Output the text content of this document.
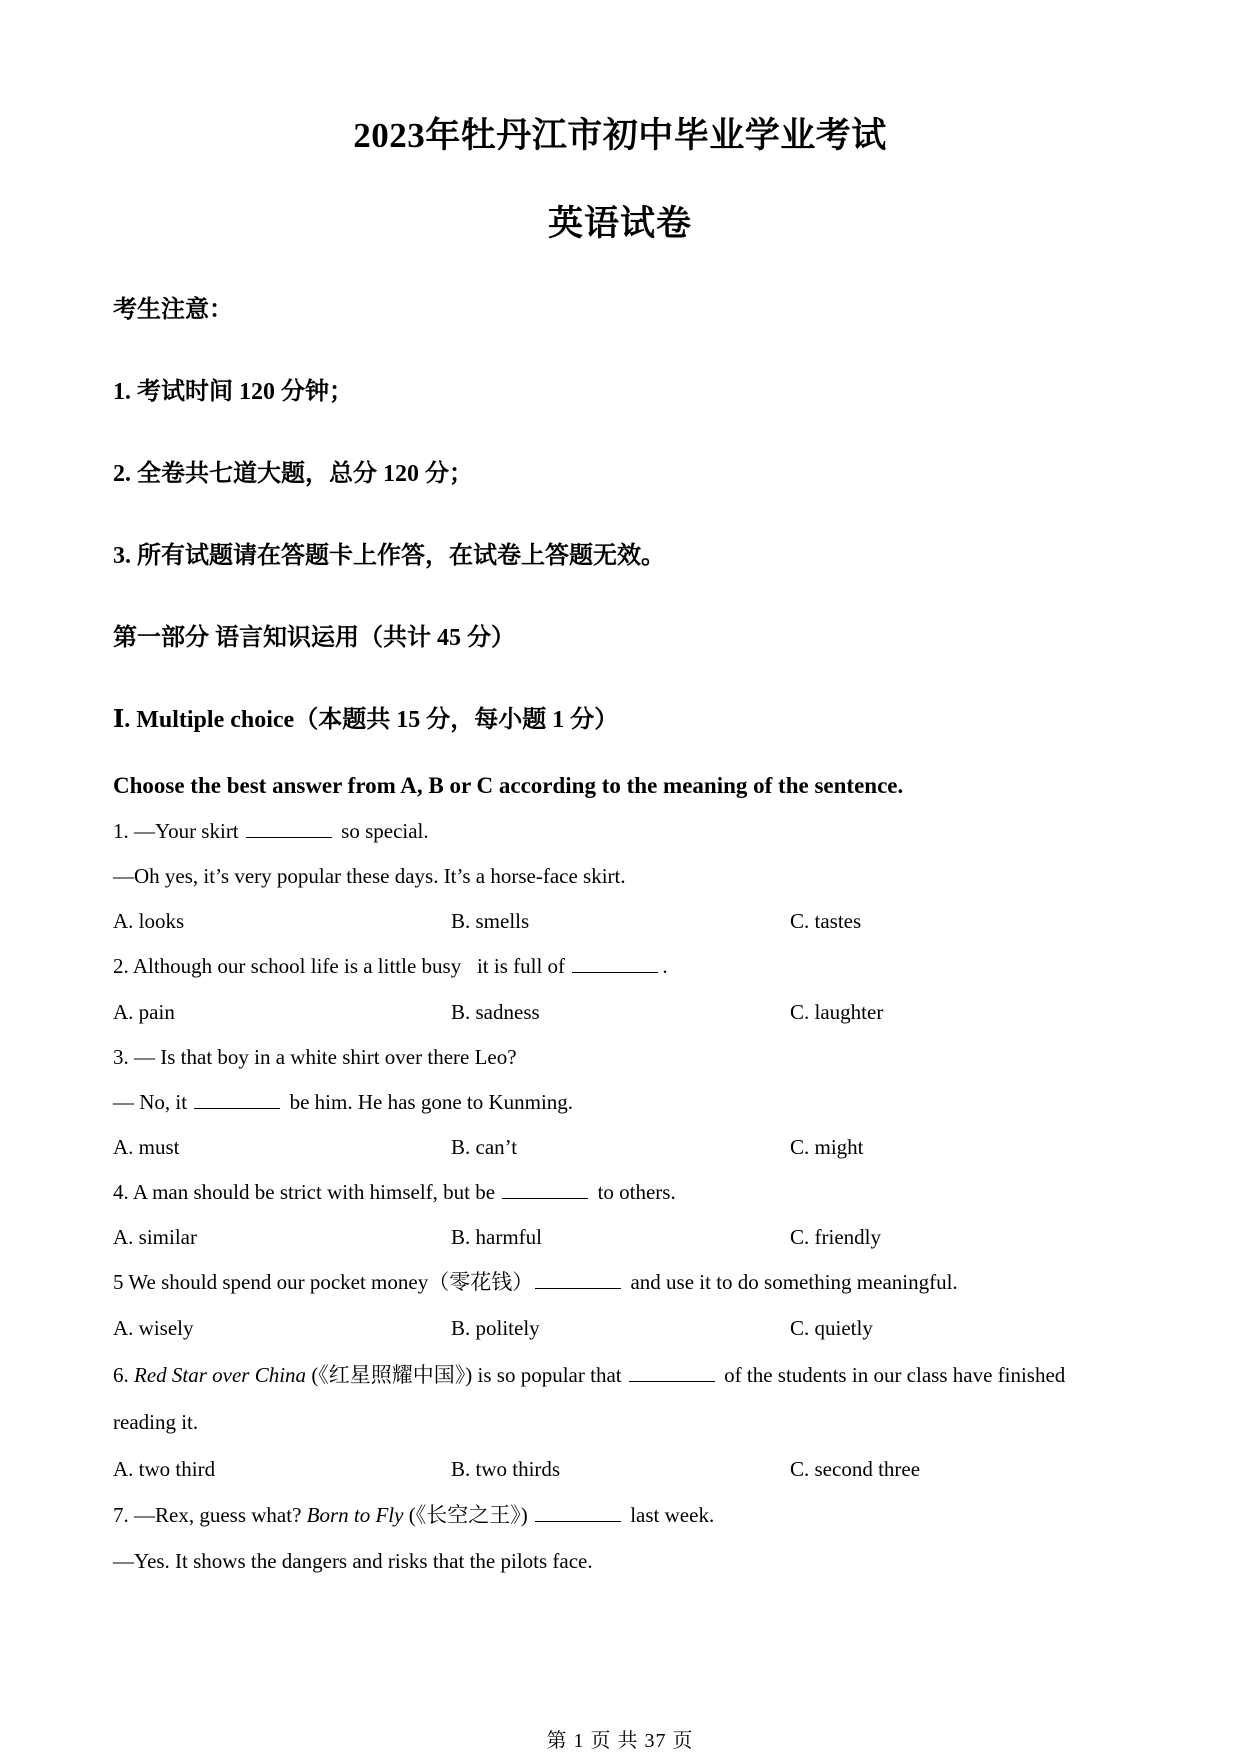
2023年牡丹江市初中毕业学业考试
英语试卷
考生注意：
1. 考试时间 120 分钟；
2. 全卷共七道大题，总分 120 分；
3. 所有试题请在答题卡上作答，在试卷上答题无效。
第一部分 语言知识运用（共计 45 分）
Ⅰ. Multiple choice（本题共 15 分，每小题 1 分）
Choose the best answer from A, B or C according to the meaning of the sentence.
1. —Your skirt	so special.
—Oh yes, it’s very popular these days. It’s a horse-face skirt.
A. looks	B. smells	C. tastes
2. Although our school life is a little busy   it is full of	.
A. pain	B. sadness	C. laughter
3. — Is that boy in a white shirt over there Leo?
— No, it	be him. He has gone to Kunming.
A. must	B. can’t	C. might
4. A man should be strict with himself, but be	to others.
A. similar	B. harmful	C. friendly
5 We should spend our pocket money（零花钱）	and use it to do something meaningful.
A. wisely	B. politely	C. quietly
6. Red Star over China (《红星照耀中国》) is so popular that	of the students in our class have finished
reading it.
A. two third	B. two thirds	C. second three
7. —Rex, guess what? Born to Fly (《长空之王》)	last week.
—Yes. It shows the dangers and risks that the pilots face.
第 1 页 共 37 页
